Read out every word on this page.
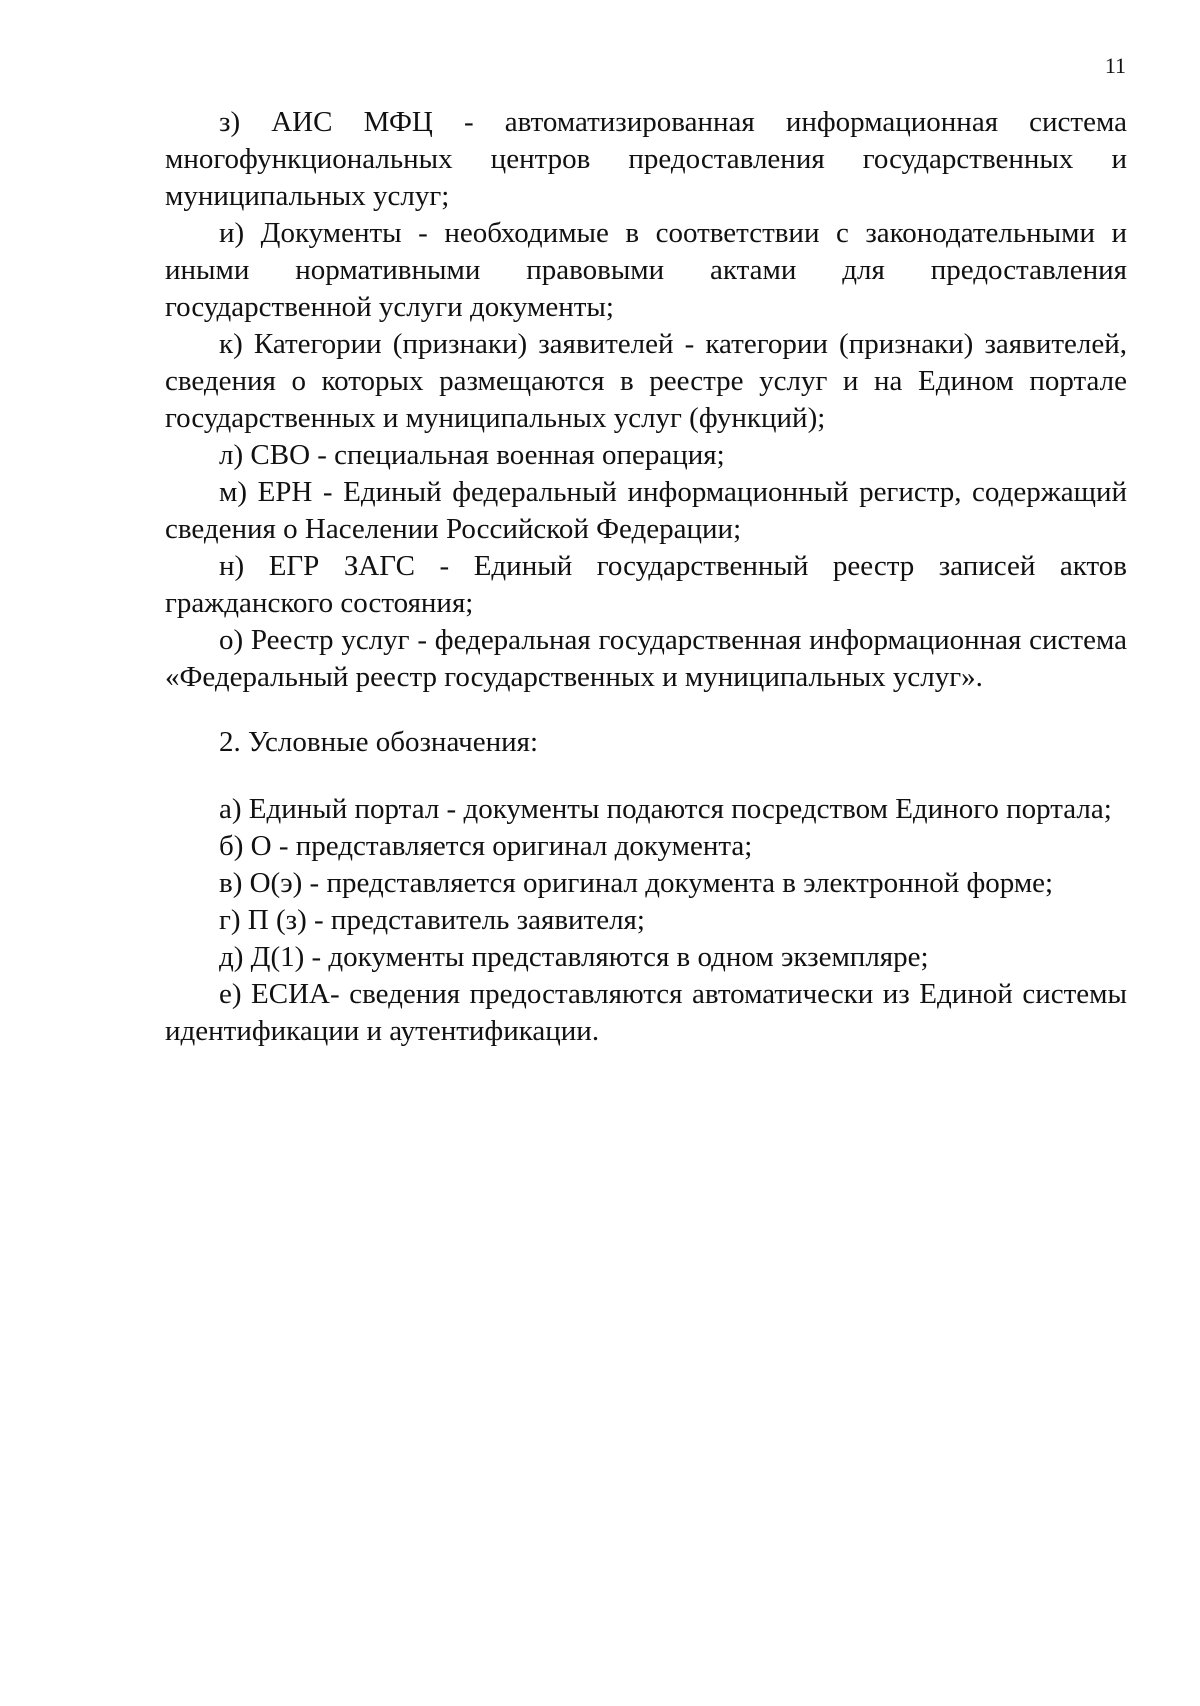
11

з) АИС МФЦ - автоматизированная информационная система многофункциональных центров предоставления государственных и муниципальных услуг;

и) Документы - необходимые в соответствии с законодательными и иными нормативными правовыми актами для предоставления государственной услуги документы;

к) Категории (признаки) заявителей - категории (признаки) заявителей, сведения о которых размещаются в реестре услуг и на Едином портале государственных и муниципальных услуг (функций);

л) СВО - специальная военная операция;

м) ЕРН - Единый федеральный информационный регистр, содержащий сведения о Населении Российской Федерации;

н) ЕГР ЗАГС - Единый государственный реестр записей актов гражданского состояния;

о) Реестр услуг - федеральная государственная информационная система «Федеральный реестр государственных и муниципальных услуг».

2. Условные обозначения:

а) Единый портал - документы подаются посредством Единого портала;

б) О - представляется оригинал документа;

в) О(э) - представляется оригинал документа в электронной форме;

г) П (з) - представитель заявителя;

д) Д(1) - документы представляются в одном экземпляре;

е) ЕСИА- сведения предоставляются автоматически из Единой системы идентификации и аутентификации.
